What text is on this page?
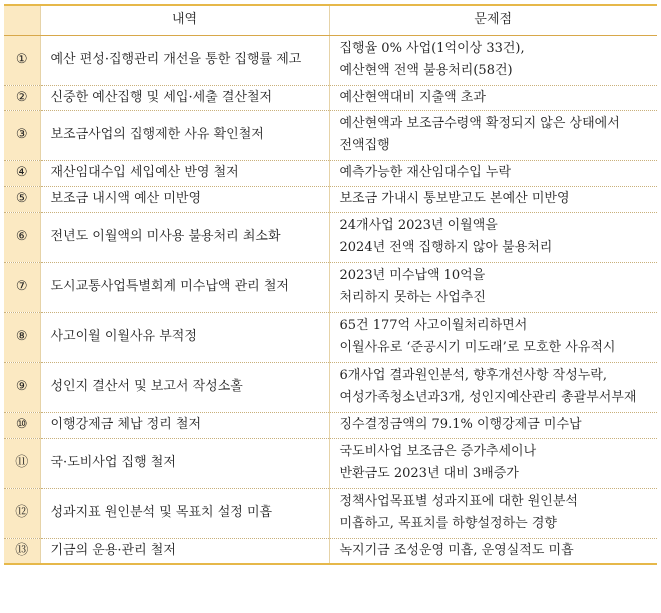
	내역	문제점
①	예산 편성·집행관리 개선을 통한 집행률 제고	집행율 0% 사업(1억이상 33건),
예산현액 전액 불용처리(58건)

②	신중한 예산집행 및 세입·세출 결산철저	예산현액대비 지출액 초과

③	보조금사업의 집행제한 사유 확인철저	예산현액과 보조금수령액 확정되지 않은 상태에서
전액집행

④	재산임대수입 세입예산 반영 철저	예측가능한 재산임대수입 누락

⑤	보조금 내시액 예산 미반영	보조금 가내시 통보받고도 본예산 미반영

⑥	전년도 이월액의 미사용 불용처리 최소화	24개사업 2023년 이월액을
2024년 전액 집행하지 않아 불용처리

⑦	도시교통사업특별회계 미수납액 관리 철저	2023년 미수납액 10억을
처리하지 못하는 사업추진

⑧	사고이월 이월사유 부적정	65건 177억 사고이월처리하면서
이월사유로 ‘준공시기 미도래’로 모호한 사유적시

⑨	성인지 결산서 및 보고서 작성소홀	6개사업 결과원인분석, 향후개선사항 작성누락,
여성가족청소년과3개, 성인지예산관리 총괄부서부재

⑩	이행강제금 체납 정리 철저	징수결정금액의 79.1% 이행강제금 미수납

⑪	국·도비사업 집행 철저	국도비사업 보조금은 증가추세이나
반환금도 2023년 대비 3배증가

⑫	성과지표 원인분석 및 목표치 설정 미흡	정책사업목표별 성과지표에 대한 원인분석
미흡하고, 목표치를 하향설정하는 경향

⑬	기금의 운용·관리 철저	녹지기금 조성운영 미흡, 운영실적도 미흡
